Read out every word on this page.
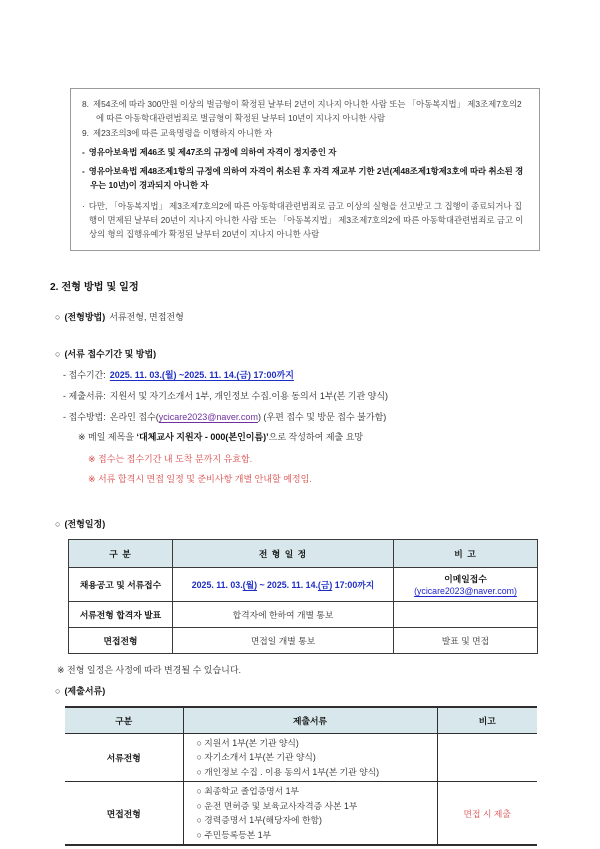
8. 제54조에 따라 300만원 이상의 벌금형이 확정된 날부터 2년이 지나지 아니한 사람 또는 「아동복지법」 제3조제7호의2에 따른 아동학대관련범죄로 벌금형이 확정된 날부터 10년이 지나지 아니한 사람

9. 제23조의3에 따른 교육명령을 이행하지 아니한 자

- 영유아보육법 제46조 및 제47조의 규정에 의하여 자격이 정지중인 자

- 영유아보육법 제48조제1항의 규정에 의하여 자격이 취소된 후 자격 재교부 기한 2년(제48조제1항제3호에 따라 취소된 경우는 10년)이 경과되지 아니한 자

· 다만, 「아동복지법」 제3조제7호의2에 따른 아동학대관련범죄로 금고 이상의 실형을 선고받고 그 집행이 종료되거나 집행이 면제된 날부터 20년이 지나지 아니한 사람 또는 「아동복지법」 제3조제7호의2에 따른 아동학대관련범죄로 금고 이상의 형의 집행유예가 확정된 날부터 20년이 지나지 아니한 사람

2. 전형 방법 및 일정
○ (전형방법) 서류전형, 면접전형
○ (서류 접수기간 및 방법)
- 접수기간: 2025. 11. 03.(월) ~2025. 11. 14.(금) 17:00까지
- 제출서류: 지원서 및 자기소개서 1부, 개인정보 수집.이용 동의서 1부(본 기관 양식)
- 접수방법: 온라인 접수(ycicare2023@naver.com) (우편 접수 및 방문 접수 불가함)
※ 메일 제목을 ‘대체교사 지원자 - 000(본인이름)’으로 작성하여 제출 요망
※ 접수는 접수기간 내 도착 분까지 유효함.
※ 서류 합격시 면접 일정 및 준비사항 개별 안내할 예정임.
○ (전형일정)
구 분	전 형 일 정	비 고
채용공고 및 서류접수	2025. 11. 03.(월) ~ 2025. 11. 14.(금) 17:00까지	이메일접수
(ycicare2023@naver.com)

서류전형 합격자 발표	합격자에 한하여 개별 통보	
면접전형	면접일 개별 통보	발표 및 면접
※ 전형 일정은 사정에 따라 변경될 수 있습니다.
○ (제출서류)
구분	제출서류	비고
서류전형	○ 지원서 1부(본 기관 양식)
○ 자기소개서 1부(본 기관 양식)
○ 개인정보 수집 . 이용 동의서 1부(본 기관 양식)	

면접전형	○ 최종학교 졸업증명서 1부
○ 운전 면허증 및 보육교사자격증 사본 1부
○ 경력증명서 1부(해당자에 한함)
○ 주민등록등본 1부	면접 시 제출
